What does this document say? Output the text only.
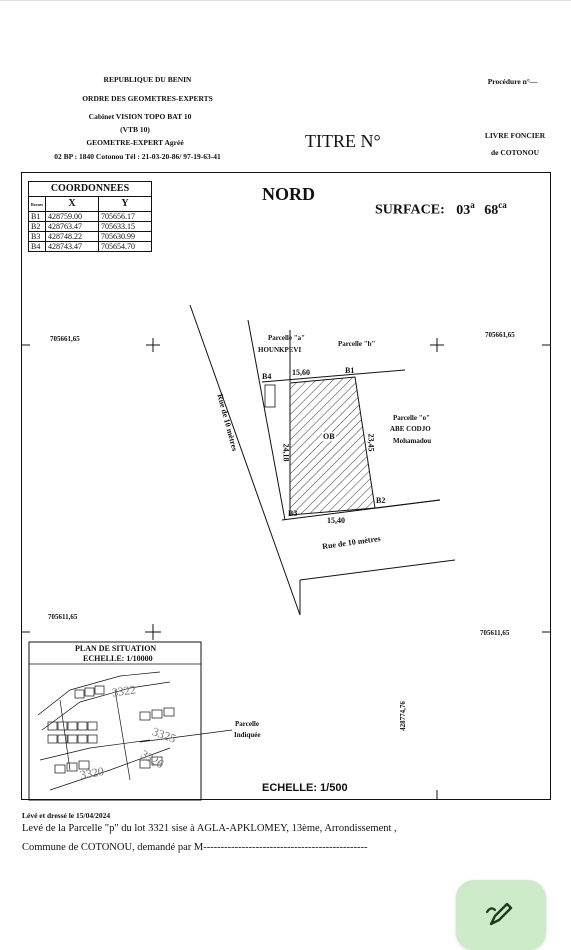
REPUBLIQUE DU BENIN
ORDRE DES GEOMETRES-EXPERTS
Cabinet VISION TOPO BAT 10
(VTB 10)
GEOMETRE-EXPERT Agréé
02 BP : 1840 Cotonou Tél : 21-03-20-86/ 97-19-63-41
TITRE N°
Procédure n°—
LIVRE FONCIER
de COTONOU
COORDONNEES		
Bornes	X	Y
B1	428759.00	705656.17
B2	428763.47	705633.15
B3	428748.22	705630.99
B4	428743.47	705654.70
NORD
SURFACE: 03$^a$ $68^{ca}$
705661,65	705661,65
705611,65
705611,65
428774,76
Parcelle "a"
HOUNKPEVI
Parcelle "b"
Parcelle "o"
ABE CODJO
Mohamadou
Rue de 10 mètres
Rue de 10 mètres
B1
B2
B3
B4	15,60
15,40
24,18
23,45
OB
PLAN DE SITUATION
ECHELLE: 1/10000
Parcelle
Indiquée
3322
3325
3326
3320
ECHELLE: 1/500
Lévé et dressé le 15/04/2024
Levé de la Parcelle "p" du lot 3321 sise à AGLA-APKLOMEY, 13ème, Arrondissement ,
Commune de COTONOU, demandé par M-----------------------------------------------
